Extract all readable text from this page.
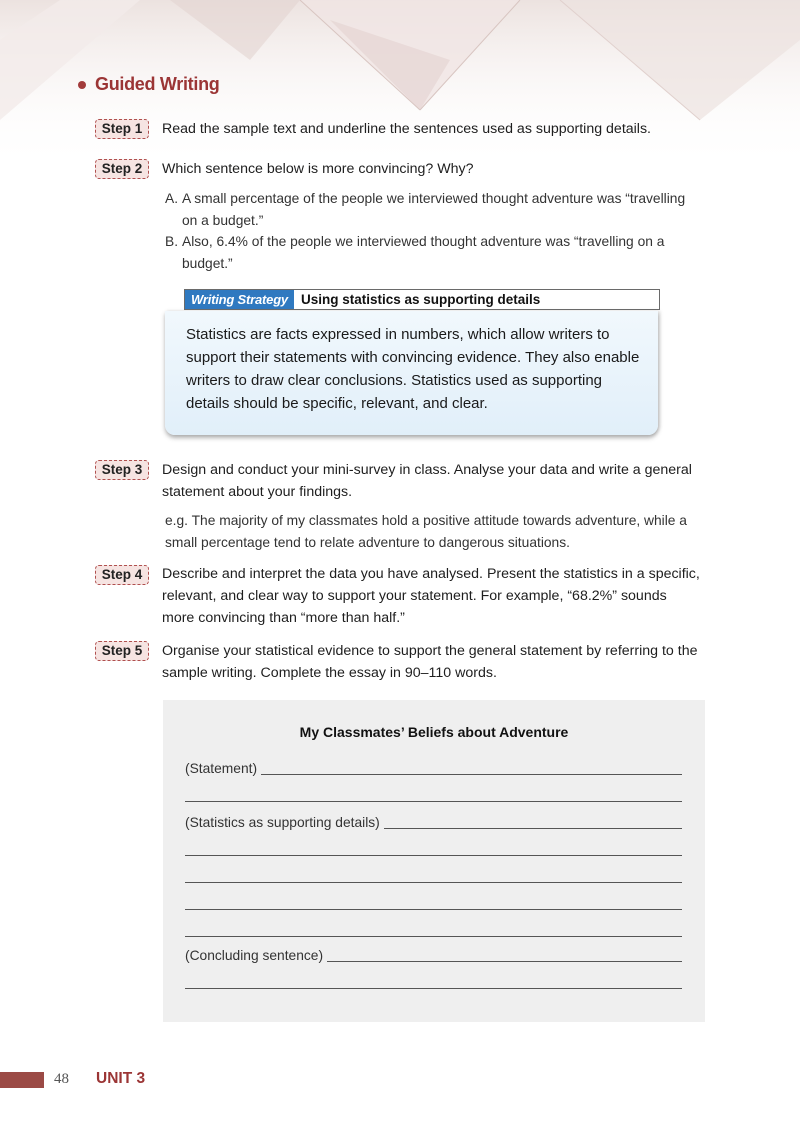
Guided Writing
Step 1	Read the sample text and underline the sentences used as supporting details.
Step 2	Which sentence below is more convincing? Why?
A. A small percentage of the people we interviewed thought adventure was “travelling on a budget.”
B. Also, 6.4% of the people we interviewed thought adventure was “travelling on a budget.”
Writing Strategy Using statistics as supporting details
Statistics are facts expressed in numbers, which allow writers to support their statements with convincing evidence. They also enable writers to draw clear conclusions. Statistics used as supporting details should be specific, relevant, and clear.
Step 3	Design and conduct your mini-survey in class. Analyse your data and write a general statement about your findings.
e.g. The majority of my classmates hold a positive attitude towards adventure, while a small percentage tend to relate adventure to dangerous situations.
Step 4	Describe and interpret the data you have analysed. Present the statistics in a specific, relevant, and clear way to support your statement. For example, “68.2%” sounds more convincing than “more than half.”
Step 5	Organise your statistical evidence to support the general statement by referring to the sample writing. Complete the essay in 90–110 words.
My Classmates’ Beliefs about Adventure
(Statement)
(Statistics as supporting details)
(Concluding sentence)
48 UNIT 3
